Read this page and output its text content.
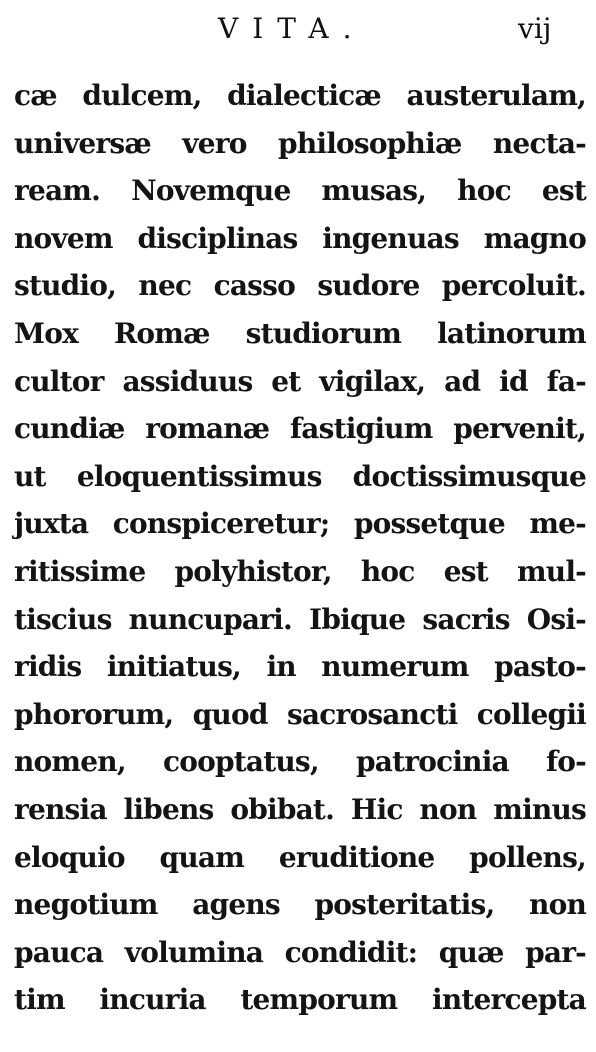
VITA.	vij
cæ dulcem, dialecticæ austerulam,
universæ vero philosophiæ necta-
ream. Novemque musas, hoc est
novem disciplinas ingenuas magno
studio, nec casso sudore percoluit.
Mox Romæ studiorum latinorum
cultor assiduus et vigilax, ad id fa-
cundiæ romanæ fastigium pervenit,
ut eloquentissimus doctissimusque
juxta conspiceretur; possetque me-
ritissime polyhistor, hoc est mul-
tiscius nuncupari. Ibique sacris Osi-
ridis initiatus, in numerum pasto-
phororum, quod sacrosancti collegii
nomen, cooptatus, patrocinia fo-
rensia libens obibat. Hic non minus
eloquio quam eruditione pollens,
negotium agens posteritatis, non
pauca volumina condidit: quæ par-
tim incuria temporum intercepta
